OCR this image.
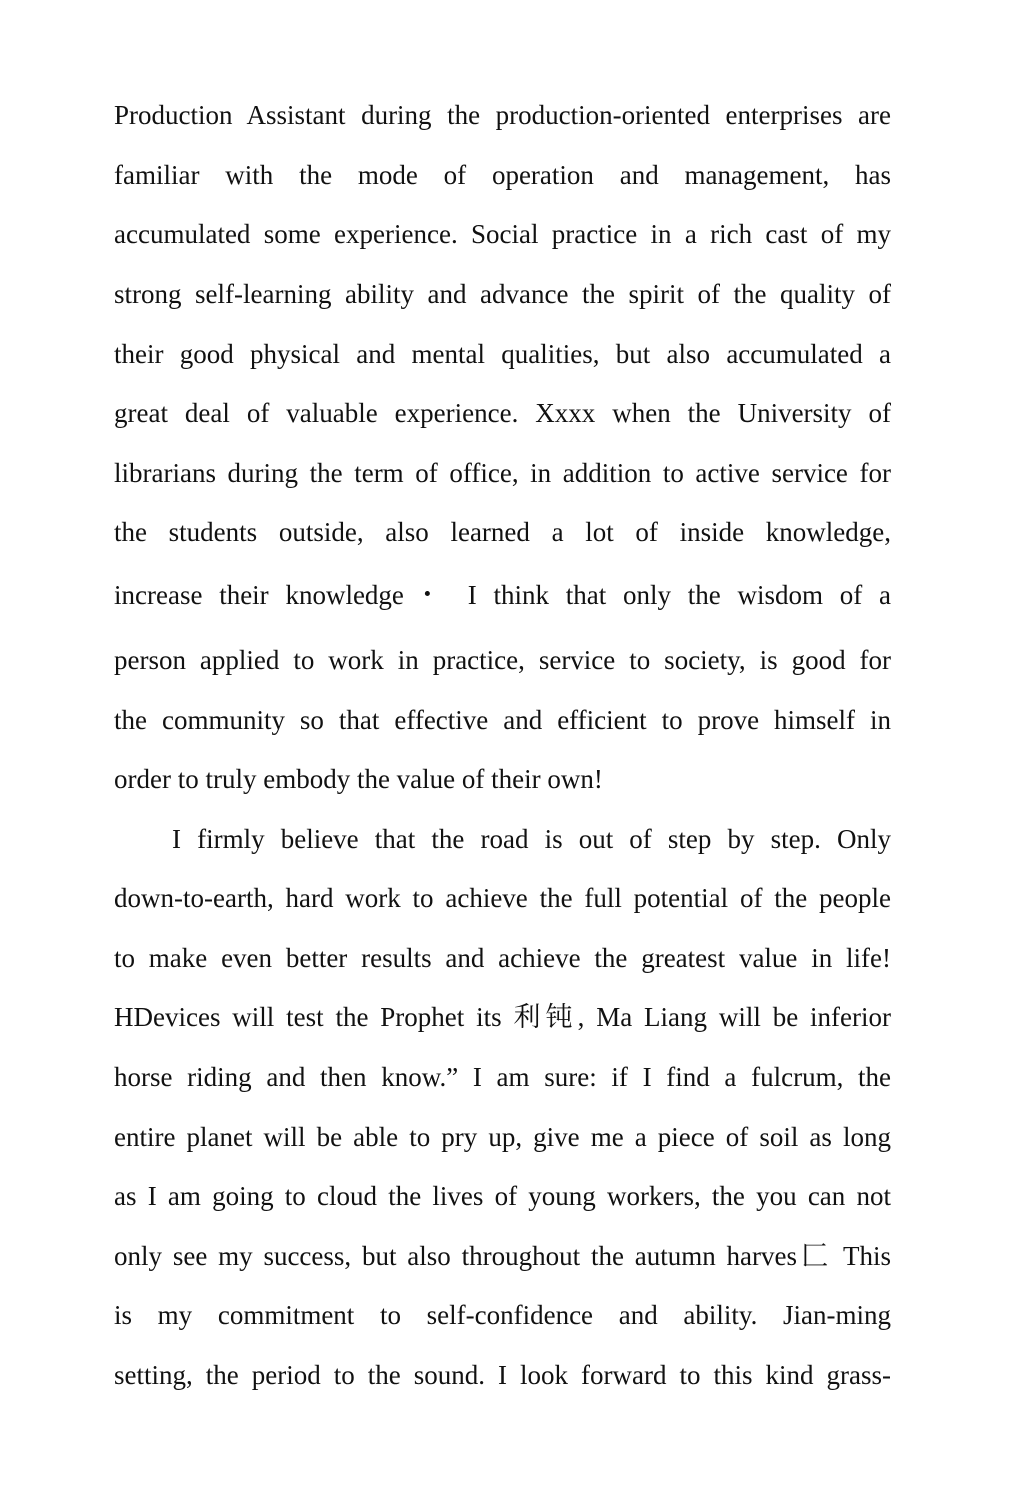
Production Assistant during the production-oriented enterprises are
familiar with the mode of operation and management, has
accumulated some experience. Social practice in a rich cast of my
strong self-learning ability and advance the spirit of the quality of
their good physical and mental qualities, but also accumulated a
great deal of valuable experience. Xxxx when the University of
librarians during the term of office, in addition to active service for
the students outside, also learned a lot of inside knowledge,
increase their knowledge・ I think that only the wisdom of a
person applied to work in practice, service to society, is good for
the community so that effective and efficient to prove himself in
order to truly embody the value of their own!
I firmly believe that the road is out of step by step. Only
down-to-earth, hard work to achieve the full potential of the people
to make even better results and achieve the greatest value in life!
HDevices will test the Prophet its 利钝, Ma Liang will be inferior
horse riding and then know.” I am sure: if I find a fulcrum, the
entire planet will be able to pry up, give me a piece of soil as long
as I am going to cloud the lives of young workers, the you can not
only see my success, but also throughout the autumn harves匚 This
is my commitment to self-confidence and ability. Jian-ming
setting, the period to the sound. I look forward to this kind grass-
